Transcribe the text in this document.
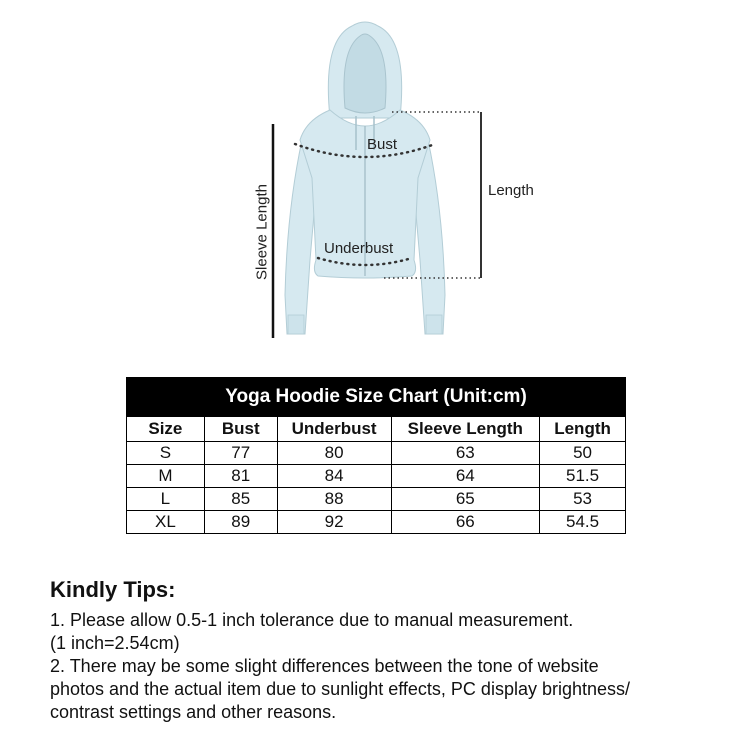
Bust
Underbust
Length
Sleeve Length
Yoga Hoodie Size Chart (Unit:cm)				
Size	Bust	Underbust	Sleeve Length	Length
S	77	80	63	50
M	81	84	64	51.5
L	85	88	65	53
XL	89	92	66	54.5
Kindly Tips:
1. Please allow 0.5-1 inch tolerance due to manual measurement.
(1 inch=2.54cm)
2. There may be some slight differences between the tone of website
photos and the actual item due to sunlight effects, PC display brightness/
contrast settings and other reasons.
